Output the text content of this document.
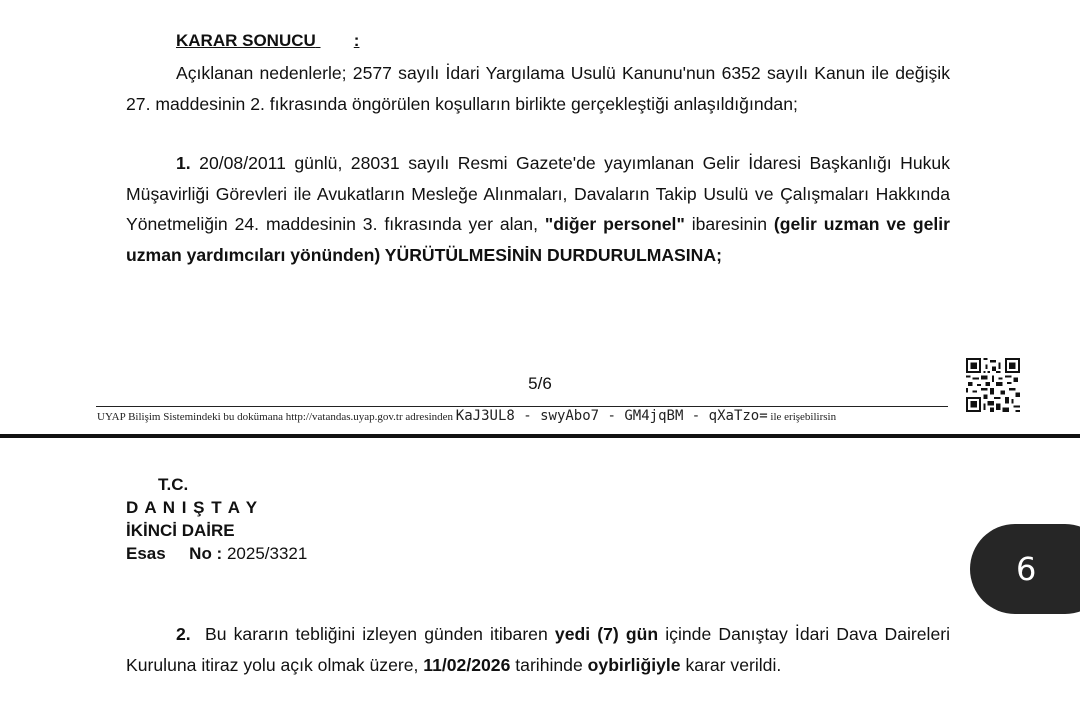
KARAR SONUCU :
Açıklanan nedenlerle; 2577 sayılı İdari Yargılama Usulü Kanunu'nun 6352 sayılı Kanun ile değişik 27. maddesinin 2. fıkrasında öngörülen koşulların birlikte gerçekleştiği anlaşıldığından;
1. 20/08/2011 günlü, 28031 sayılı Resmi Gazete'de yayımlanan Gelir İdaresi Başkanlığı Hukuk Müşavirliği Görevleri ile Avukatların Mesleğe Alınmaları, Davaların Takip Usulü ve Çalışmaları Hakkında Yönetmeliğin 24. maddesinin 3. fıkrasında yer alan, "diğer personel" ibaresinin (gelir uzman ve gelir uzman yardımcıları yönünden) YÜRÜTÜLMESİNİN DURDURULMASINA;
5/6
UYAP Bilişim Sistemindeki bu dokümana http://vatandas.uyap.gov.tr adresinden KaJ3UL8 - swyAbo7 - GM4jqBM - qXaTzo= ile erişebilirsin
T.C.
D A N I Ş T A Y
İKİNCİ DAİRE
Esas No : 2025/3321
2. Bu kararın tebliğini izleyen günden itibaren yedi (7) gün içinde Danıştay İdari Dava Daireleri Kuruluna itiraz yolu açık olmak üzere, 11/02/2026 tarihinde oybirliğiyle karar verildi.
6
